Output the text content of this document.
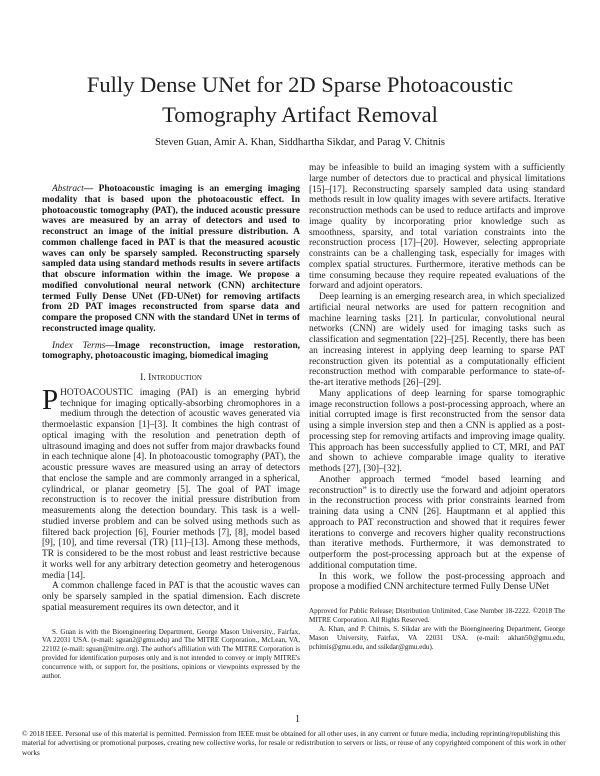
Fully Dense UNet for 2D Sparse Photoacoustic Tomography Artifact Removal
Steven Guan, Amir A. Khan, Siddhartha Sikdar, and Parag V. Chitnis

Abstract— Photoacoustic imaging is an emerging imaging modality that is based upon the photoacoustic effect. In photoacoustic tomography (PAT), the induced acoustic pressure waves are measured by an array of detectors and used to reconstruct an image of the initial pressure distribution. A common challenge faced in PAT is that the measured acoustic waves can only be sparsely sampled. Reconstructing sparsely sampled data using standard methods results in severe artifacts that obscure information within the image. We propose a modified convolutional neural network (CNN) architecture termed Fully Dense UNet (FD-UNet) for removing artifacts from 2D PAT images reconstructed from sparse data and compare the proposed CNN with the standard UNet in terms of reconstructed image quality.

Index Terms—Image reconstruction, image restoration, tomography, photoacoustic imaging, biomedical imaging

I. Introduction

PHOTOACOUSTIC imaging (PAI) is an emerging hybrid technique for imaging optically-absorbing chromophores in a medium through the detection of acoustic waves generated via thermoelastic expansion [1]–[3]. It combines the high contrast of optical imaging with the resolution and penetration depth of ultrasound imaging and does not suffer from major drawbacks found in each technique alone [4]. In photoacoustic tomography (PAT), the acoustic pressure waves are measured using an array of detectors that enclose the sample and are commonly arranged in a spherical, cylindrical, or planar geometry [5]. The goal of PAT image reconstruction is to recover the initial pressure distribution from measurements along the detection boundary. This task is a well-studied inverse problem and can be solved using methods such as filtered back projection [6], Fourier methods [7], [8], model based [9], [10], and time reversal (TR) [11]–[13]. Among these methods, TR is considered to be the most robust and least restrictive because it works well for any arbitrary detection geometry and heterogenous media [14].

A common challenge faced in PAT is that the acoustic waves can only be sparsely sampled in the spatial dimension. Each discrete spatial measurement requires its own detector, and it

S. Guan is with the Bioengineering Department, George Mason University., Fairfax, VA 22031 USA. (e-mail: sguan2@gmu.edu) and The MITRE Corporation., McLean, VA, 22102 (e-mail: sguan@mitre.org). The author's affiliation with The MITRE Corporation is provided for identification purposes only and is not intended to convey or imply MITRE's concurrence with, or support for, the positions, opinions or viewpoints expressed by the author.

may be infeasible to build an imaging system with a sufficiently large number of detectors due to practical and physical limitations [15]–[17]. Reconstructing sparsely sampled data using standard methods result in low quality images with severe artifacts. Iterative reconstruction methods can be used to reduce artifacts and improve image quality by incorporating prior knowledge such as smoothness, sparsity, and total variation constraints into the reconstruction process [17]–[20]. However, selecting appropriate constraints can be a challenging task, especially for images with complex spatial structures. Furthermore, iterative methods can be time consuming because they require repeated evaluations of the forward and adjoint operators.

Deep learning is an emerging research area, in which specialized artificial neural networks are used for pattern recognition and machine learning tasks [21]. In particular, convolutional neural networks (CNN) are widely used for imaging tasks such as classification and segmentation [22]–[25]. Recently, there has been an increasing interest in applying deep learning to sparse PAT reconstruction given its potential as a computationally efficient reconstruction method with comparable performance to state-of-the-art iterative methods [26]–[29].

Many applications of deep learning for sparse tomographic image reconstruction follows a post-processing approach, where an initial corrupted image is first reconstructed from the sensor data using a simple inversion step and then a CNN is applied as a post-processing step for removing artifacts and improving image quality. This approach has been successfully applied to CT, MRI, and PAT and shown to achieve comparable image quality to iterative methods [27], [30]–[32].

Another approach termed “model based learning and reconstruction” is to directly use the forward and adjoint operators in the reconstruction process with prior constraints learned from training data using a CNN [26]. Hauptmann et al applied this approach to PAT reconstruction and showed that it requires fewer iterations to converge and recovers higher quality reconstructions than iterative methods. Furthermore, it was demonstrated to outperform the post-processing approach but at the expense of additional computation time.

In this work, we follow the post-processing approach and propose a modified CNN architecture termed Fully Dense UNet

Approved for Public Release; Distribution Unlimited. Case Number 18-2222. ©2018 The MITRE Corporation. All Rights Reserved.
A. Khan, and P. Chitnis, S. Sikdar are with the Bioengineering Department, George Mason University, Fairfax, VA 22031 USA. (e-mail: akhan50@gmu.edu, pchitnis@gmu.edu, and ssikdar@gmu.edu).
1
© 2018 IEEE. Personal use of this material is permitted. Permission from IEEE must be obtained for all other uses, in any current or future media, including reprinting/republishing this material for advertising or promotional purposes, creating new collective works, for resale or redistribution to servers or lists, or reuse of any copyrighted component of this work in other works
